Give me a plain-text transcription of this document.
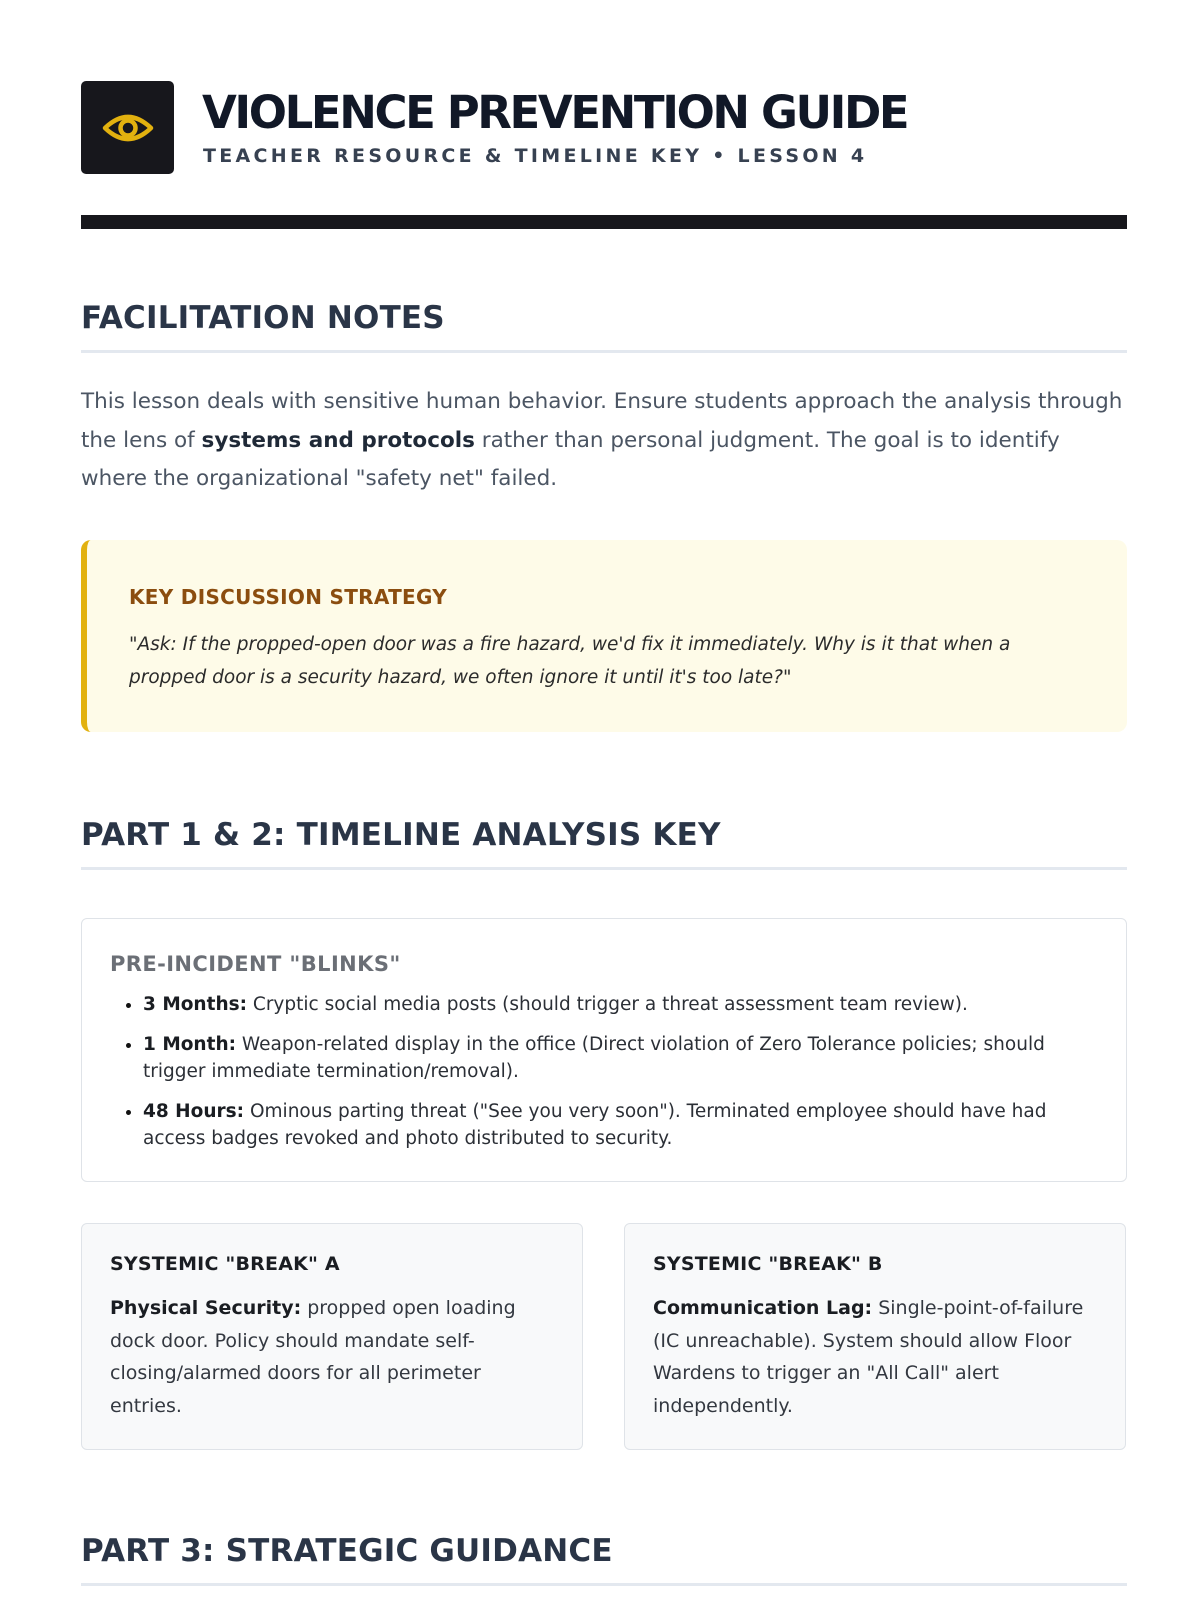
VIOLENCE PREVENTION GUIDE
TEACHER RESOURCE & TIMELINE KEY • LESSON 4
FACILITATION NOTES

This lesson deals with sensitive human behavior. Ensure students approach the analysis through the lens of systems and protocols rather than personal judgment. The goal is to identify where the organizational "safety net" failed.

KEY DISCUSSION STRATEGY
"Ask: If the propped-open door was a fire hazard, we'd fix it immediately. Why is it that when a propped door is a security hazard, we often ignore it until it's too late?"
PART 1 & 2: TIMELINE ANALYSIS KEY
PRE-INCIDENT "BLINKS"
• 3 Months: Cryptic social media posts (should trigger a threat assessment team review).
• 1 Month: Weapon-related display in the office (Direct violation of Zero Tolerance policies; should trigger immediate termination/removal).
• 48 Hours: Ominous parting threat ("See you very soon"). Terminated employee should have had access badges revoked and photo distributed to security.
SYSTEMIC "BREAK" A
Physical Security: propped open loading dock door. Policy should mandate self-closing/alarmed doors for all perimeter entries.
SYSTEMIC "BREAK" B
Communication Lag: Single-point-of-failure (IC unreachable). System should allow Floor Wardens to trigger an "All Call" alert independently.
PART 3: STRATEGIC GUIDANCE
